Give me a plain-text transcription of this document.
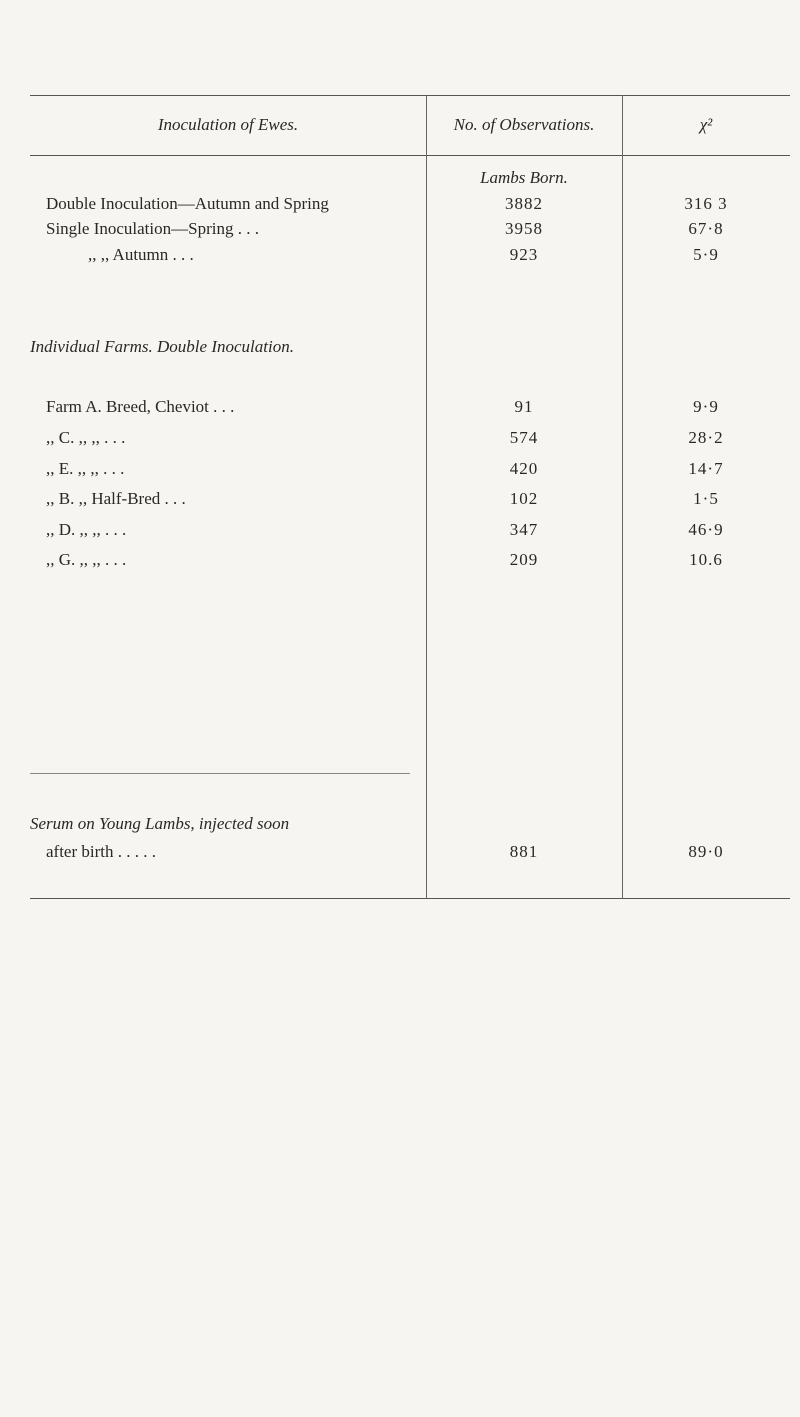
Inoculation of Ewes.	No. of Observations.	χ²
Lambs Born.
Double Inoculation—Autumn and Spring	3882	316 3
Single Inoculation—Spring . . .	3958	67·8
,, ,, Autumn . . .	923	5·9
Individual Farms. Double Inoculation.
Farm A. Breed, Cheviot . . .	91	9·9
,, C. ,, ,, . . .	574	28·2
,, E. ,, ,, . . .	420	14·7
,, B. ,, Half-Bred . . .	102	1·5
,, D. ,, ,, . . .	347	46·9
,, G. ,, ,, . . .	209	10.6
Serum on Young Lambs, injected soon
after birth . . . . .	881	89·0
